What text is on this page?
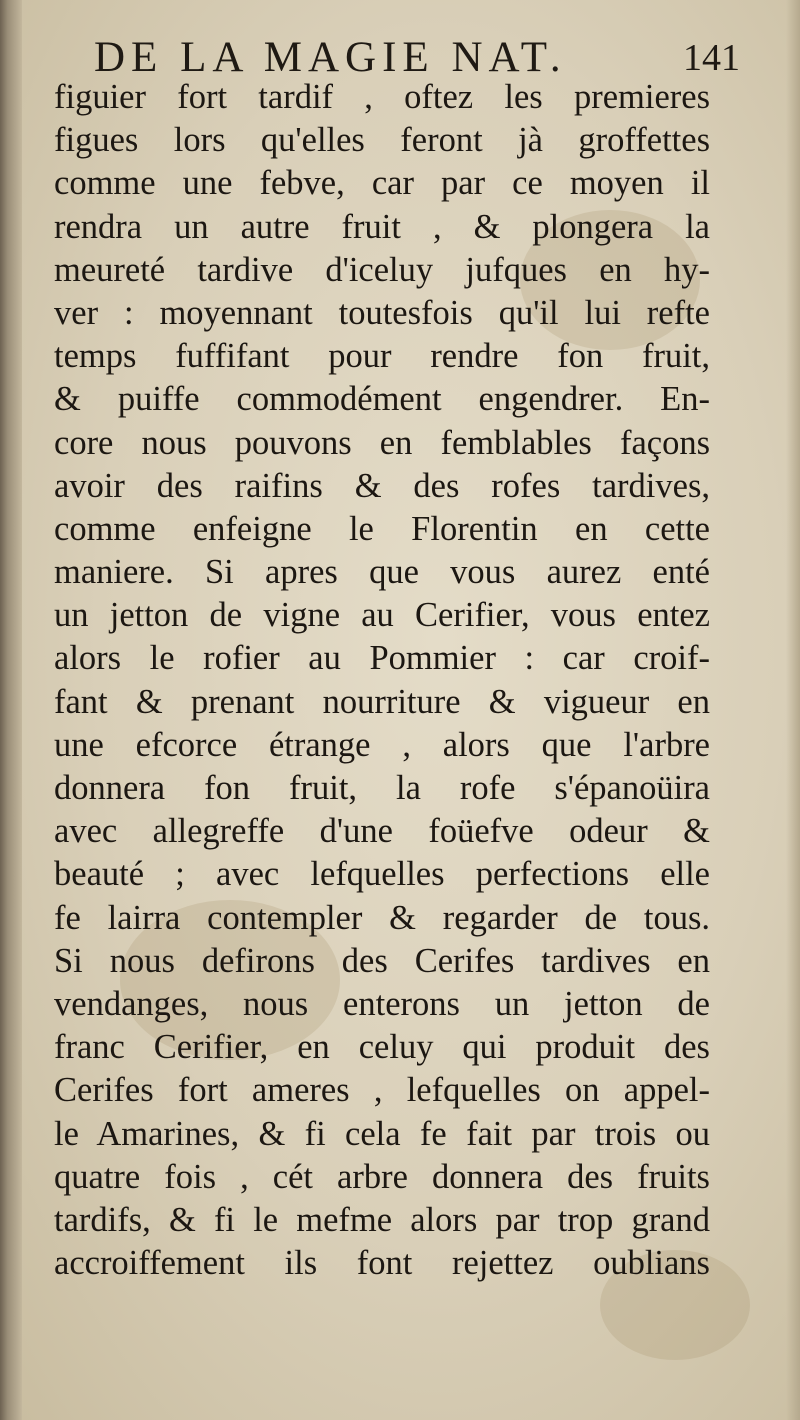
DE LA MAGIE NAT.	141
figuier fort tardif , oftez les premieres
figues lors qu'elles feront jà groffettes
comme une febve, car par ce moyen il
rendra un autre fruit , & plongera la
meureté tardive d'iceluy jufques en hy-
ver : moyennant toutesfois qu'il lui refte
temps fuffifant pour rendre fon fruit,
& puiffe commodément engendrer. En-
core nous pouvons en femblables façons
avoir des raifins & des rofes tardives,
comme enfeigne le Florentin en cette
maniere. Si apres que vous aurez enté
un jetton de vigne au Cerifier, vous entez
alors le rofier au Pommier : car croif-
fant & prenant nourriture & vigueur en
une efcorce étrange , alors que l'arbre
donnera fon fruit, la rofe s'épanoüira
avec allegreffe d'une foüefve odeur &
beauté ; avec lefquelles perfections elle
fe lairra contempler & regarder de tous.
Si nous defirons des Cerifes tardives en
vendanges, nous enterons un jetton de
franc Cerifier, en celuy qui produit des
Cerifes fort ameres , lefquelles on appel-
le Amarines, & fi cela fe fait par trois ou
quatre fois , cét arbre donnera des fruits
tardifs, & fi le mefme alors par trop grand
accroiffement ils font rejettez oublians
